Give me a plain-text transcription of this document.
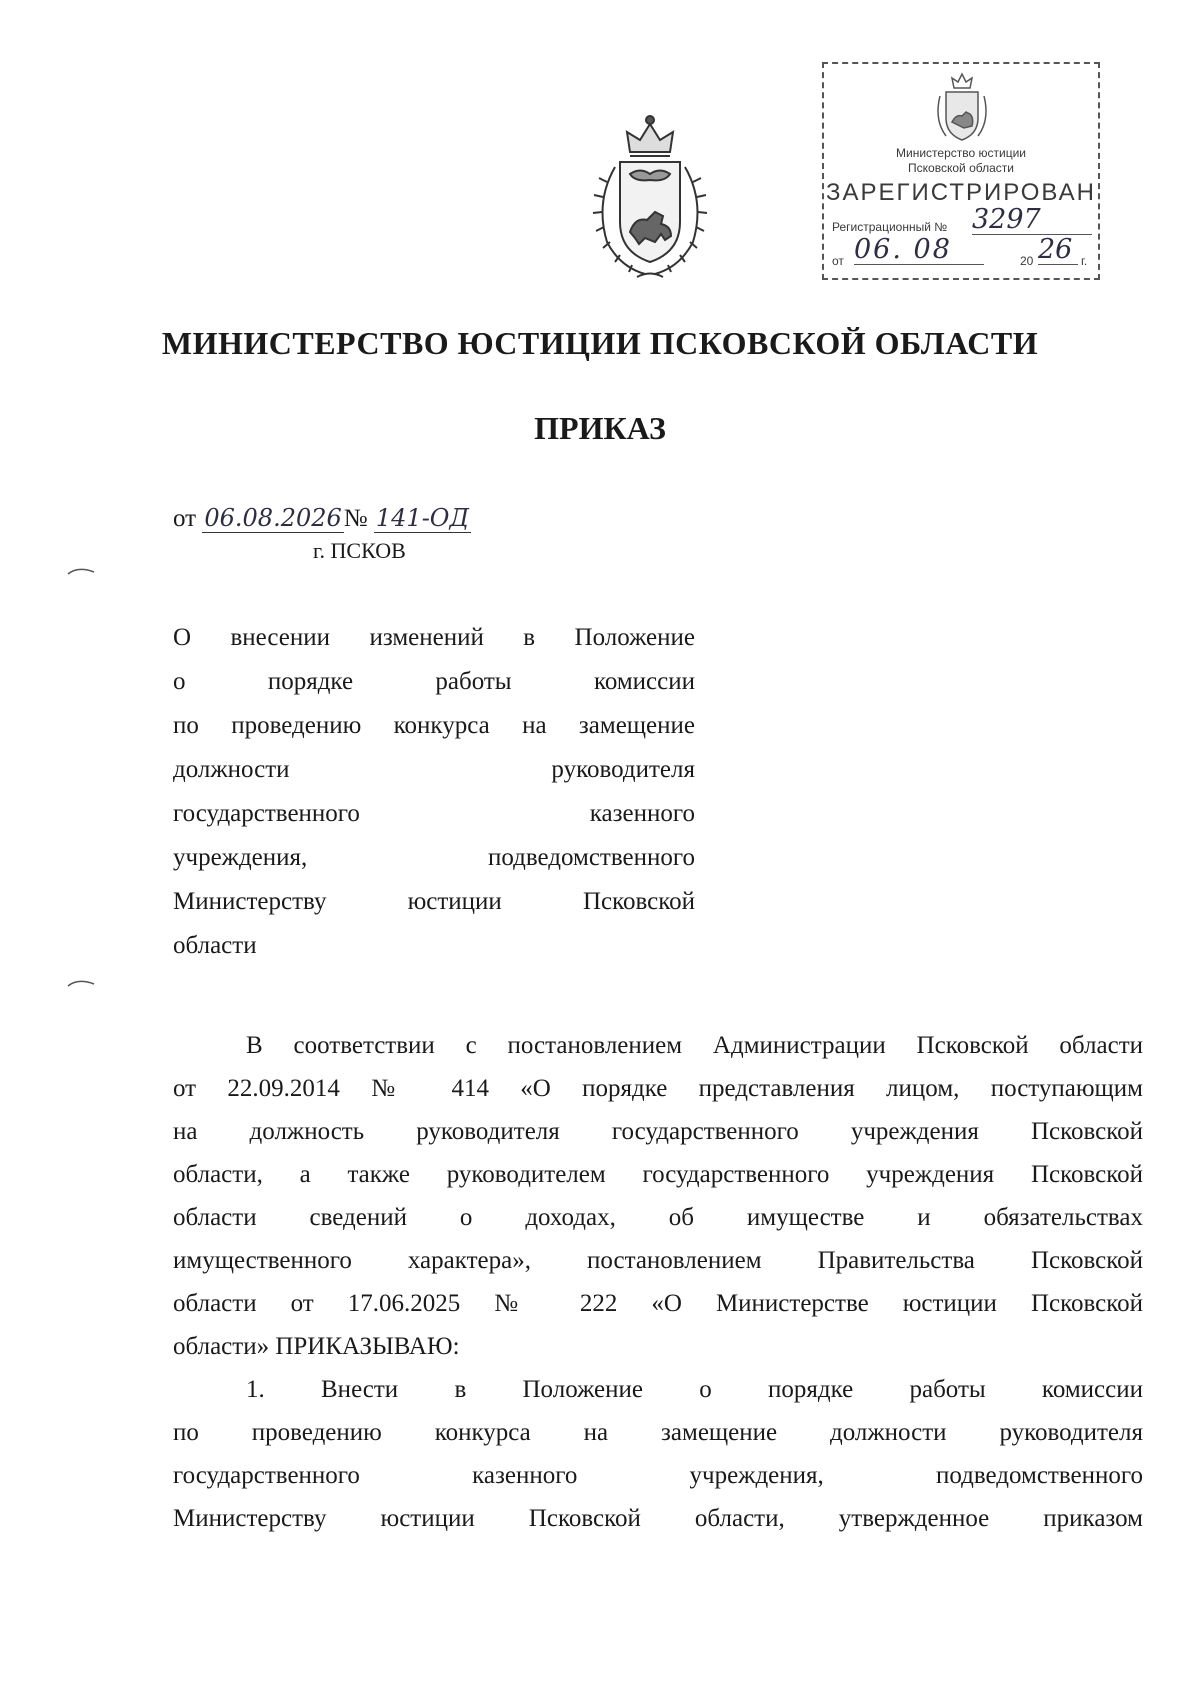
Министерство юстиции
Псковской области
ЗАРЕГИСТРИРОВАН
Регистрационный № 3297
от 06. 08	20 26 г.
МИНИСТЕРСТВО ЮСТИЦИИ ПСКОВСКОЙ ОБЛАСТИ
ПРИКАЗ
от 06.08.2026№ 141-ОД
г. ПСКОВ
О внесении изменений в Положение
о порядке работы комиссии
по проведению конкурса на замещение
должности руководителя
государственного казенного
учреждения, подведомственного
Министерству юстиции Псковской
области
В соответствии с постановлением Администрации Псковской области
от 22.09.2014 № 414 «О порядке представления лицом, поступающим
на должность руководителя государственного учреждения Псковской
области, а также руководителем государственного учреждения Псковской
области сведений о доходах, об имуществе и обязательствах
имущественного характера», постановлением Правительства Псковской
области от 17.06.2025 № 222 «О Министерстве юстиции Псковской
области» ПРИКАЗЫВАЮ:
1. Внести в Положение о порядке работы комиссии
по проведению конкурса на замещение должности руководителя
государственного казенного учреждения, подведомственного
Министерству юстиции Псковской области, утвержденное приказом
